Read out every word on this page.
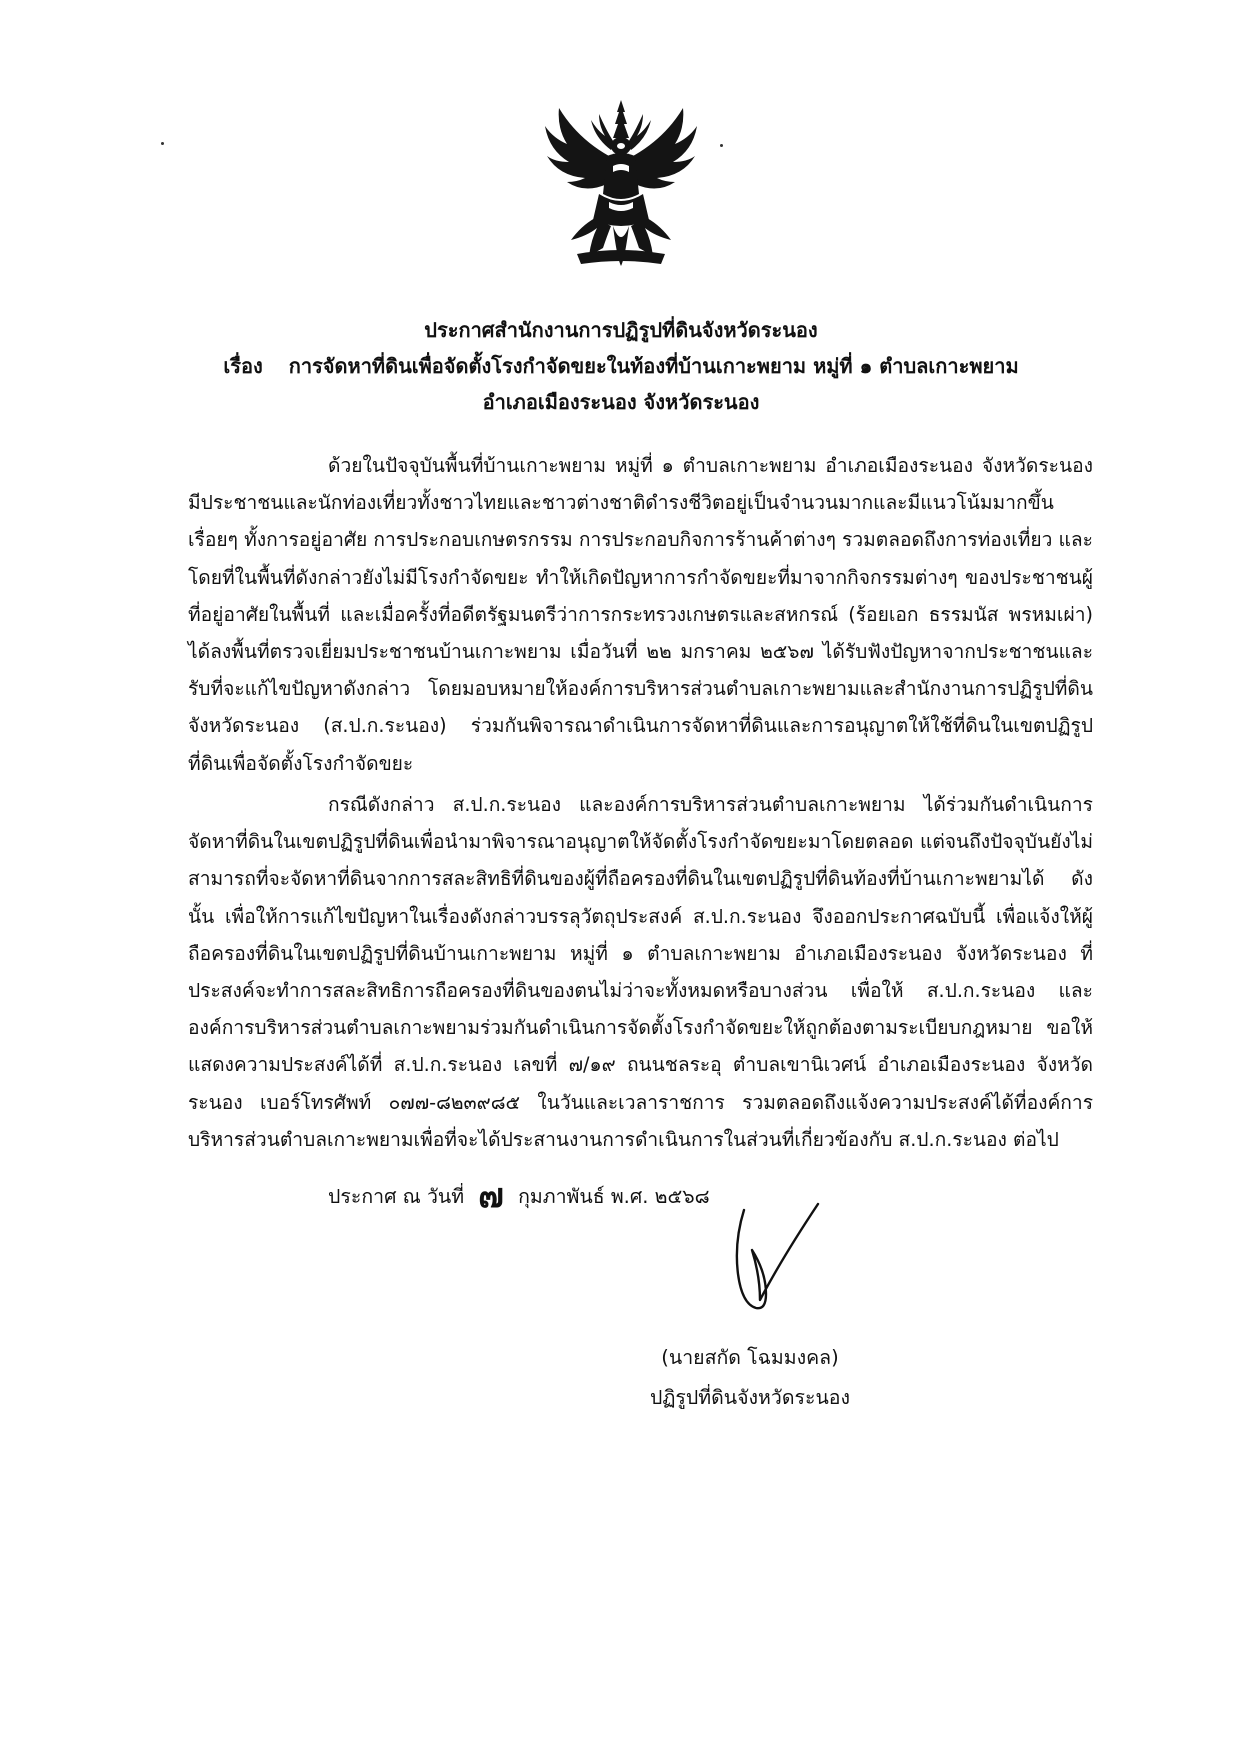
ประกาศสำนักงานการปฏิรูปที่ดินจังหวัดระนอง
เรื่อง การจัดหาที่ดินเพื่อจัดตั้งโรงกำจัดขยะในท้องที่บ้านเกาะพยาม หมู่ที่ ๑ ตำบลเกาะพยาม
อำเภอเมืองระนอง จังหวัดระนอง

ด้วยในปัจจุบันพื้นที่บ้านเกาะพยาม หมู่ที่ ๑ ตำบลเกาะพยาม อำเภอเมืองระนอง จังหวัดระนอง มีประชาชนและนักท่องเที่ยวทั้งชาวไทยและชาวต่างชาติดำรงชีวิตอยู่เป็นจำนวนมากและมีแนวโน้มมากขึ้นเรื่อยๆ ทั้งการอยู่อาศัย การประกอบเกษตรกรรม การประกอบกิจการร้านค้าต่างๆ รวมตลอดถึงการท่องเที่ยว และโดยที่ในพื้นที่ดังกล่าวยังไม่มีโรงกำจัดขยะ ทำให้เกิดปัญหาการกำจัดขยะที่มาจากกิจกรรมต่างๆ ของประชาชนผู้ที่อยู่อาศัยในพื้นที่ และเมื่อครั้งที่อดีตรัฐมนตรีว่าการกระทรวงเกษตรและสหกรณ์ (ร้อยเอก ธรรมนัส พรหมเผ่า) ได้ลงพื้นที่ตรวจเยี่ยมประชาชนบ้านเกาะพยาม เมื่อวันที่ ๒๒ มกราคม ๒๕๖๗ ได้รับฟังปัญหาจากประชาชนและรับที่จะแก้ไขปัญหาดังกล่าว โดยมอบหมายให้องค์การบริหารส่วนตำบลเกาะพยามและสำนักงานการปฏิรูปที่ดินจังหวัดระนอง (ส.ป.ก.ระนอง) ร่วมกันพิจารณาดำเนินการจัดหาที่ดินและการอนุญาตให้ใช้ที่ดินในเขตปฏิรูปที่ดินเพื่อจัดตั้งโรงกำจัดขยะ

กรณีดังกล่าว ส.ป.ก.ระนอง และองค์การบริหารส่วนตำบลเกาะพยาม ได้ร่วมกันดำเนินการจัดหาที่ดินในเขตปฏิรูปที่ดินเพื่อนำมาพิจารณาอนุญาตให้จัดตั้งโรงกำจัดขยะมาโดยตลอด แต่จนถึงปัจจุบันยังไม่สามารถที่จะจัดหาที่ดินจากการสละสิทธิที่ดินของผู้ที่ถือครองที่ดินในเขตปฏิรูปที่ดินท้องที่บ้านเกาะพยามได้ ดังนั้น เพื่อให้การแก้ไขปัญหาในเรื่องดังกล่าวบรรลุวัตถุประสงค์ ส.ป.ก.ระนอง จึงออกประกาศฉบับนี้ เพื่อแจ้งให้ผู้ถือครองที่ดินในเขตปฏิรูปที่ดินบ้านเกาะพยาม หมู่ที่ ๑ ตำบลเกาะพยาม อำเภอเมืองระนอง จังหวัดระนอง ที่ประสงค์จะทำการสละสิทธิการถือครองที่ดินของตนไม่ว่าจะทั้งหมดหรือบางส่วน เพื่อให้ ส.ป.ก.ระนอง และองค์การบริหารส่วนตำบลเกาะพยามร่วมกันดำเนินการจัดตั้งโรงกำจัดขยะให้ถูกต้องตามระเบียบกฎหมาย ขอให้แสดงความประสงค์ได้ที่ ส.ป.ก.ระนอง เลขที่ ๗/๑๙ ถนนชลระอุ ตำบลเขานิเวศน์ อำเภอเมืองระนอง จังหวัดระนอง เบอร์โทรศัพท์ ๐๗๗-๘๒๓๙๘๕ ในวันและเวลาราชการ รวมตลอดถึงแจ้งความประสงค์ได้ที่องค์การบริหารส่วนตำบลเกาะพยามเพื่อที่จะได้ประสานงานการดำเนินการในส่วนที่เกี่ยวข้องกับ ส.ป.ก.ระนอง ต่อไป

ประกาศ ณ วันที่ ๗ กุมภาพันธ์ พ.ศ. ๒๕๖๘
(นายสกัด โฉมมงคล)
ปฏิรูปที่ดินจังหวัดระนอง
